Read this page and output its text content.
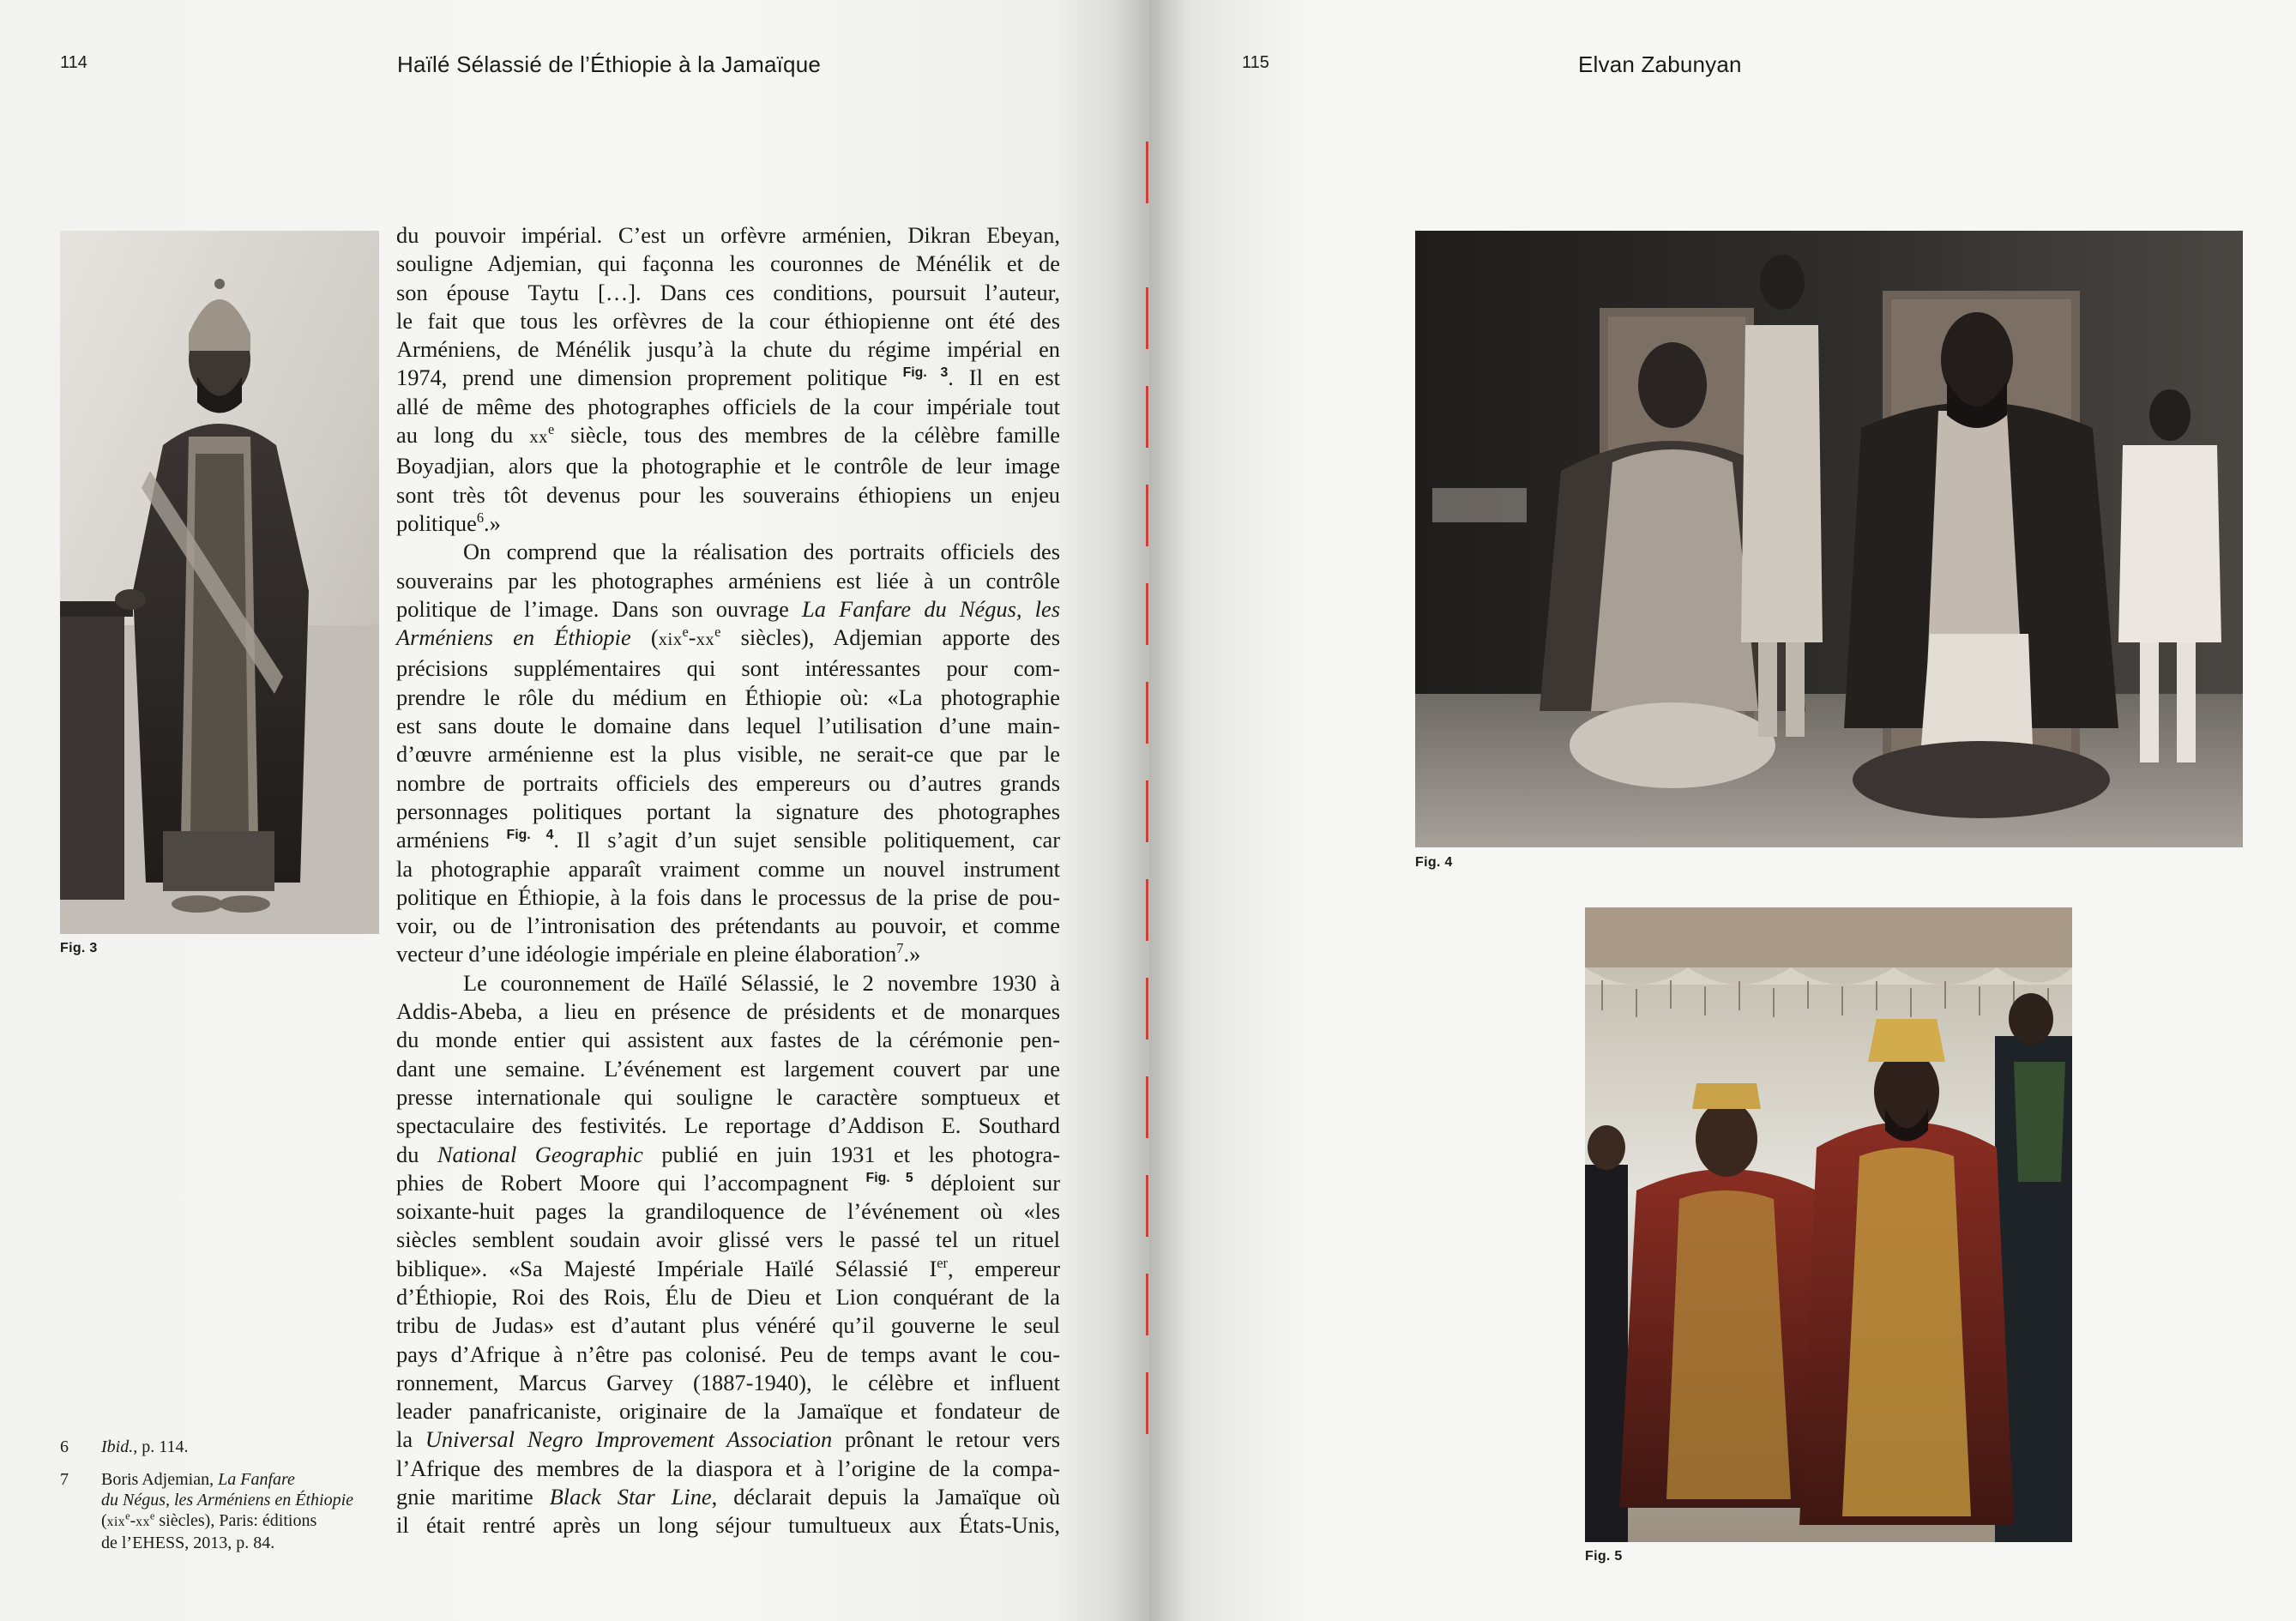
114	Haïlé Sélassié de l’Éthiopie à la Jamaïque
Fig. 3

du pouvoir impérial. C’est un orfèvre arménien, Dikran Ebeyan,

souligne Adjemian, qui façonna les couronnes de Ménélik et de

son épouse Taytu […]. Dans ces conditions, poursuit l’auteur,

le fait que tous les orfèvres de la cour éthiopienne ont été des

Arméniens, de Ménélik jusqu’à la chute du régime impérial en

1974, prend une dimension proprement politique $^{Fig. 3}$. Il en est

allé de même des photographes officiels de la cour impériale tout

au long du $xx^e$ siècle, tous des membres de la célèbre famille

Boyadjian, alors que la photographie et le contrôle de leur image

sont très tôt devenus pour les souverains éthiopiens un enjeu

politique$^6$.»

On comprend que la réalisation des portraits officiels des

souverains par les photographes arméniens est liée à un contrôle

politique de l’image. Dans son ouvrage La Fanfare du Négus, les

Arméniens en Éthiopie ($xix^e-xx^e$ siècles), Adjemian apporte des

précisions supplémentaires qui sont intéressantes pour com-

prendre le rôle du médium en Éthiopie où: «La photographie

est sans doute le domaine dans lequel l’utilisation d’une main-

d’œuvre arménienne est la plus visible, ne serait-ce que par le

nombre de portraits officiels des empereurs ou d’autres grands

personnages politiques portant la signature des photographes

arméniens $^{Fig. 4}$. Il s’agit d’un sujet sensible politiquement, car

la photographie apparaît vraiment comme un nouvel instrument

politique en Éthiopie, à la fois dans le processus de la prise de pou-

voir, ou de l’intronisation des prétendants au pouvoir, et comme

vecteur d’une idéologie impériale en pleine élaboration$^7$.»

Le couronnement de Haïlé Sélassié, le 2 novembre 1930 à

Addis-Abeba, a lieu en présence de présidents et de monarques

du monde entier qui assistent aux fastes de la cérémonie pen-

dant une semaine. L’événement est largement couvert par une

presse internationale qui souligne le caractère somptueux et

spectaculaire des festivités. Le reportage d’Addison E. Southard

du National Geographic publié en juin 1931 et les photogra-

phies de Robert Moore qui l’accompagnent $^{Fig. 5}$ déploient sur

soixante-huit pages la grandiloquence de l’événement où «les

siècles semblent soudain avoir glissé vers le passé tel un rituel

biblique». «Sa Majesté Impériale Haïlé Sélassié Ier, empereur

d’Éthiopie, Roi des Rois, Élu de Dieu et Lion conquérant de la

tribu de Judas» est d’autant plus vénéré qu’il gouverne le seul

pays d’Afrique à n’être pas colonisé. Peu de temps avant le cou-

ronnement, Marcus Garvey (1887-1940), le célèbre et influent

leader panafricaniste, originaire de la Jamaïque et fondateur de

la Universal Negro Improvement Association prônant le retour vers

l’Afrique des membres de la diaspora et à l’origine de la compa-

gnie maritime Black Star Line, déclarait depuis la Jamaïque où

il était rentré après un long séjour tumultueux aux États-Unis,

6 Ibid., p. 114.
7 Boris Adjemian, La Fanfare
du Négus, les Arméniens en Éthiopie
($xix^e-xx^e$ siècles), Paris: éditions
de l’EHESS, 2013, p. 84.
115	Elvan Zabunyan
Fig. 4
Fig. 5
